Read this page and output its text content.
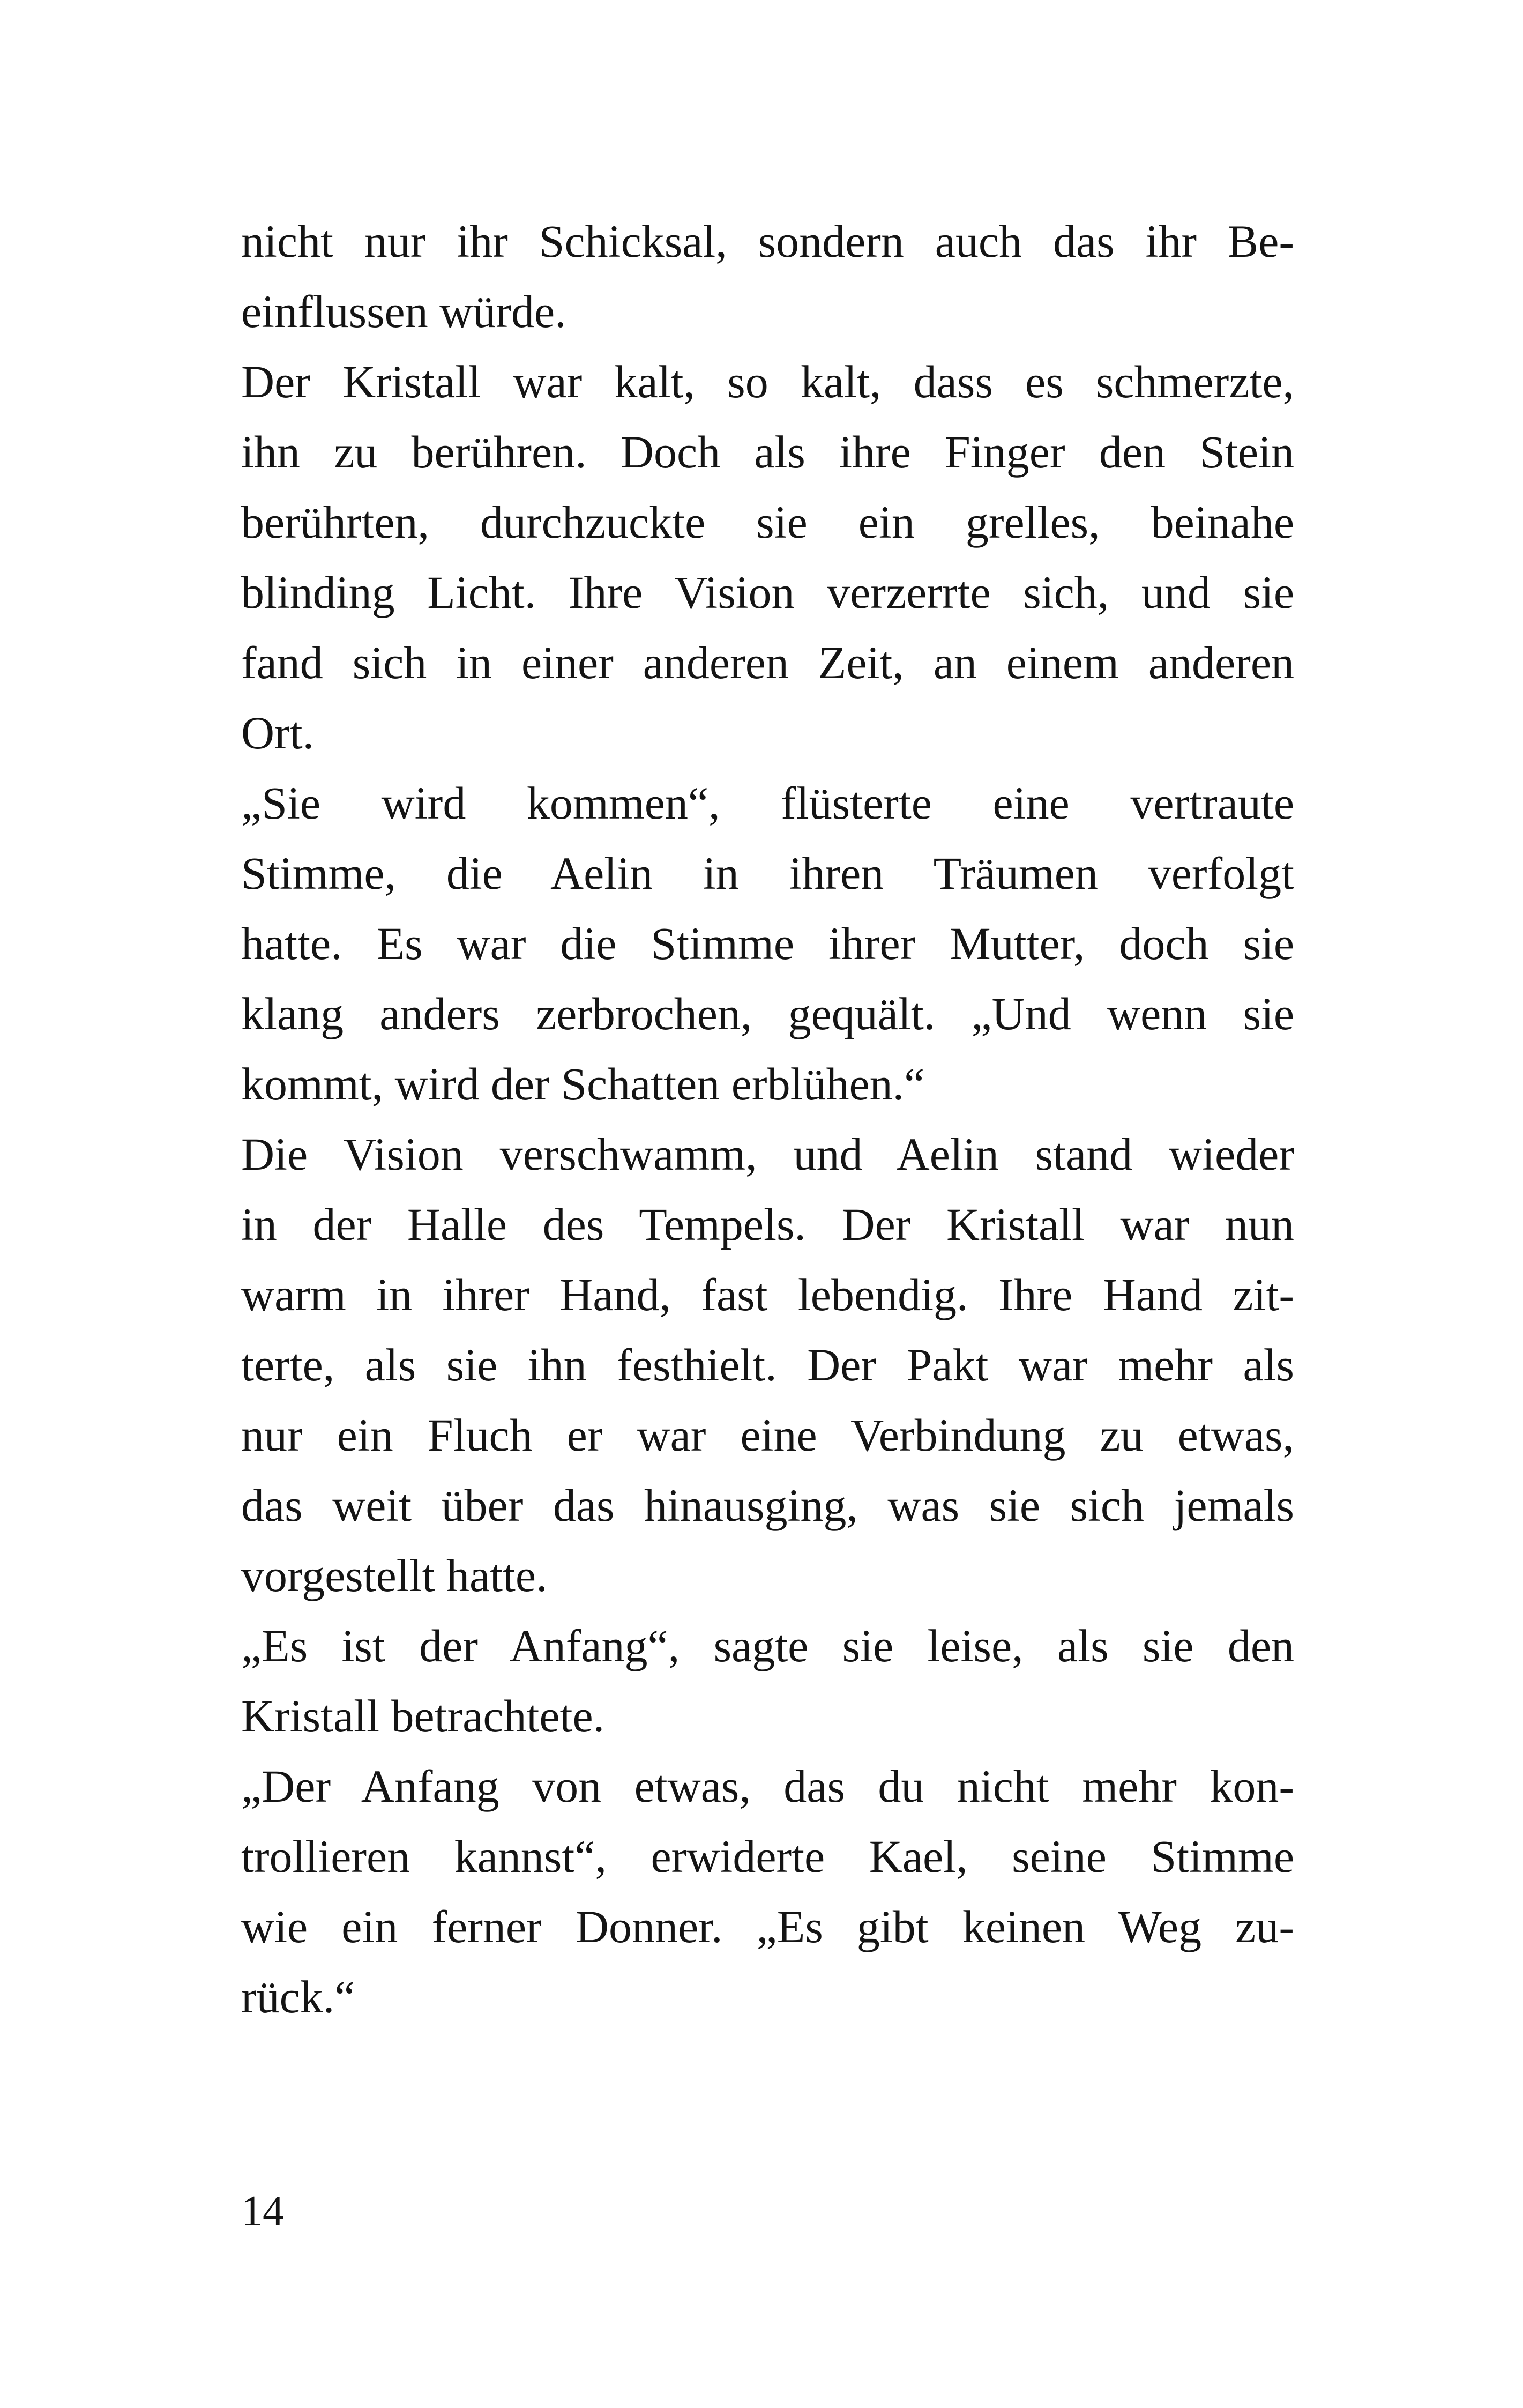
nicht nur ihr Schicksal, sondern auch das ihr Be-
einflussen würde.
Der Kristall war kalt, so kalt, dass es schmerzte,
ihn zu berühren. Doch als ihre Finger den Stein
berührten, durchzuckte sie ein grelles, beinahe
blinding Licht. Ihre Vision verzerrte sich, und sie
fand sich in einer anderen Zeit, an einem anderen
Ort.
„Sie wird kommen“, flüsterte eine vertraute
Stimme, die Aelin in ihren Träumen verfolgt
hatte. Es war die Stimme ihrer Mutter, doch sie
klang anders zerbrochen, gequält. „Und wenn sie
kommt, wird der Schatten erblühen.“
Die Vision verschwamm, und Aelin stand wieder
in der Halle des Tempels. Der Kristall war nun
warm in ihrer Hand, fast lebendig. Ihre Hand zit-
terte, als sie ihn festhielt. Der Pakt war mehr als
nur ein Fluch er war eine Verbindung zu etwas,
das weit über das hinausging, was sie sich jemals
vorgestellt hatte.
„Es ist der Anfang“, sagte sie leise, als sie den
Kristall betrachtete.
„Der Anfang von etwas, das du nicht mehr kon-
trollieren kannst“, erwiderte Kael, seine Stimme
wie ein ferner Donner. „Es gibt keinen Weg zu-
rück.“
14
